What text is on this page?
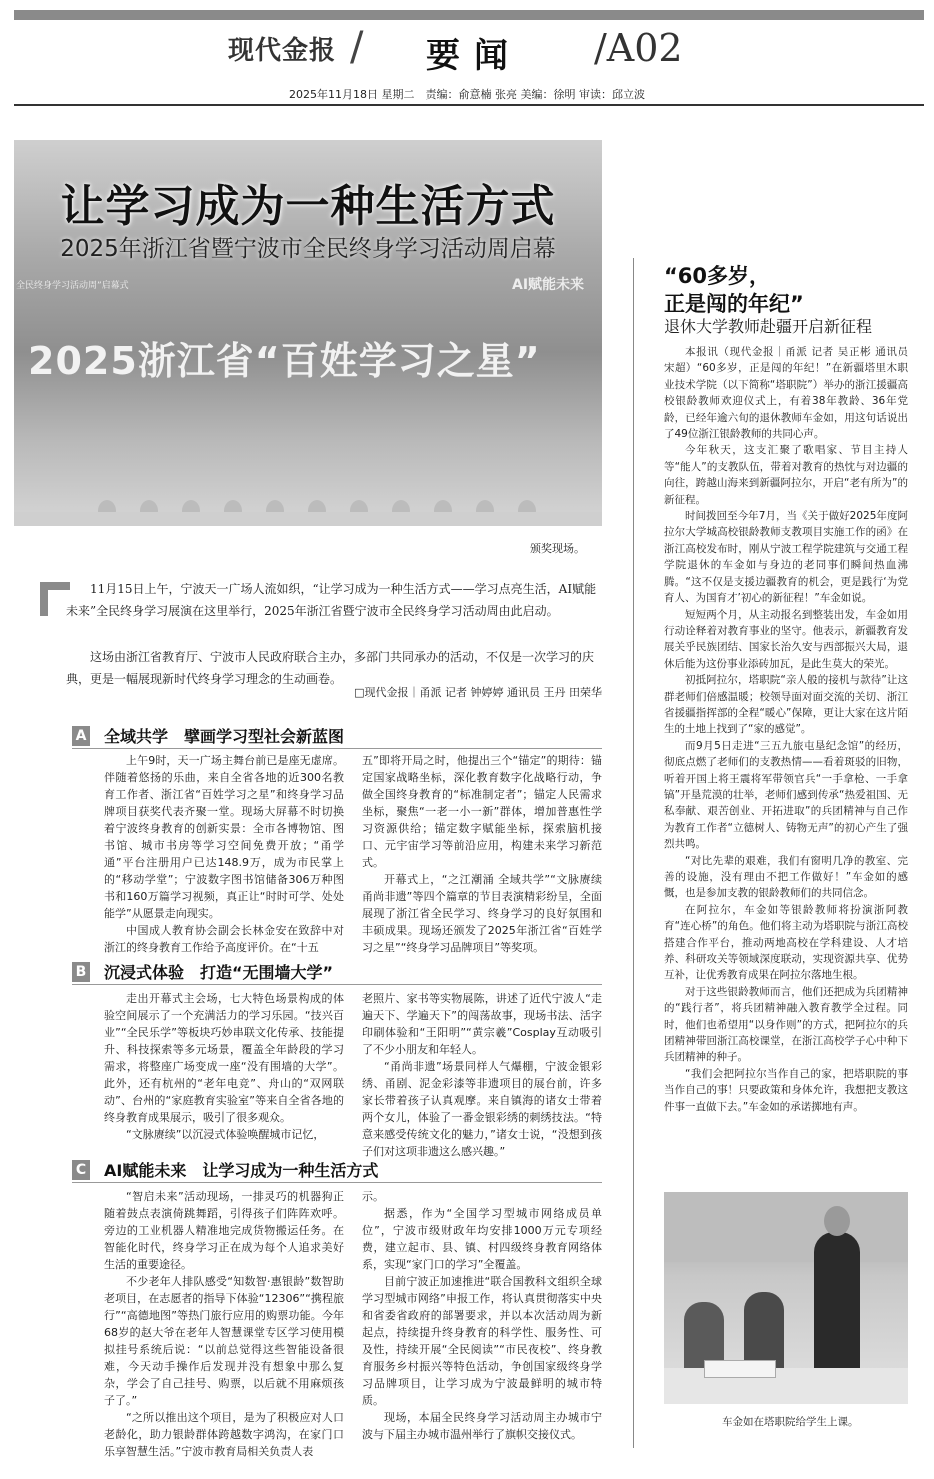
现代金报 / 要闻 /A02
2025年11月18日 星期二　责编：俞意楠 张亮 美编：徐明 审读：邱立波
全民终身学习活动周”启幕式	AI赋能未来
2025浙江省“百姓学习之星”
让学习成为一种生活方式
2025年浙江省暨宁波市全民终身学习活动周启幕
颁奖现场。

11月15日上午，宁波天一广场人流如织，“让学习成为一种生活方式——学习点亮生活，AI赋能未来”全民终身学习展演在这里举行，2025年浙江省暨宁波市全民终身学习活动周由此启动。

这场由浙江省教育厅、宁波市人民政府联合主办，多部门共同承办的活动，不仅是一次学习的庆典，更是一幅展现新时代终身学习理念的生动画卷。

□现代金报｜甬派 记者 钟婷婷 通讯员 王丹 田荣华
A 全域共学　擘画学习型社会新蓝图

上午9时，天一广场主舞台前已是座无虚席。伴随着悠扬的乐曲，来自全省各地的近300名教育工作者、浙江省“百姓学习之星”和终身学习品牌项目获奖代表齐聚一堂。现场大屏幕不时切换着宁波终身教育的创新实景：全市各博物馆、图书馆、城市书房等学习空间免费开放；“甬学通”平台注册用户已达148.9万，成为市民掌上的“移动学堂”；宁波数字图书馆储备306万种图书和160万篇学习视频，真正让“时时可学、处处能学”从愿景走向现实。

中国成人教育协会副会长林金安在致辞中对浙江的终身教育工作给予高度评价。在“十五

五”即将开局之时，他提出三个“锚定”的期待：锚定国家战略坐标，深化教育数字化战略行动，争做全国终身教育的“标准制定者”；锚定人民需求坐标，聚焦“一老一小一新”群体，增加普惠性学习资源供给；锚定数字赋能坐标，探索脑机接口、元宇宙学习等前沿应用，构建未来学习新范式。

开幕式上，“之江潮涌 全域共学”“文脉赓续 甬尚非遗”等四个篇章的节目表演精彩纷呈，全面展现了浙江省全民学习、终身学习的良好氛围和丰硕成果。现场还颁发了2025年浙江省“百姓学习之星”“终身学习品牌项目”等奖项。

B 沉浸式体验　打造“无围墙大学”

走出开幕式主会场，七大特色场景构成的体验空间展示了一个充满活力的学习乐园。“技兴百业”“全民乐学”等板块巧妙串联文化传承、技能提升、科技探索等多元场景，覆盖全年龄段的学习需求，将整座广场变成一座“没有围墙的大学”。此外，还有杭州的“老年电竞”、舟山的“双网联动”、台州的“家庭教育实验室”等来自全省各地的终身教育成果展示，吸引了很多观众。

“文脉赓续”以沉浸式体验唤醒城市记忆，

老照片、家书等实物展陈，讲述了近代宁波人“走遍天下、学遍天下”的闯荡故事，现场书法、活字印刷体验和“王阳明”“黄宗羲”Cosplay互动吸引了不少小朋友和年轻人。

“甬尚非遗”场景同样人气爆棚，宁波金银彩绣、甬剧、泥金彩漆等非遗项目的展台前，许多家长带着孩子认真观摩。来自镇海的诸女士带着两个女儿，体验了一番金银彩绣的刺绣技法。“特意来感受传统文化的魅力，”诸女士说，“没想到孩子们对这项非遗这么感兴趣。”

C AI赋能未来　让学习成为一种生活方式

“智启未来”活动现场，一排灵巧的机器狗正随着鼓点表演倚跳舞蹈，引得孩子们阵阵欢呼。旁边的工业机器人精准地完成货物搬运任务。在智能化时代，终身学习正在成为每个人追求美好生活的重要途径。

不少老年人排队感受“知数智·惠银龄”数智助老项目，在志愿者的指导下体验“12306”“携程旅行”“高德地图”等热门旅行应用的购票功能。今年68岁的赵大爷在老年人智慧课堂专区学习使用模拟挂号系统后说：“以前总觉得这些智能设备很难，今天动手操作后发现并没有想象中那么复杂，学会了自己挂号、购票，以后就不用麻烦孩子了。”

“之所以推出这个项目，是为了积极应对人口老龄化，助力银龄群体跨越数字鸿沟，在家门口乐享智慧生活。”宁波市教育局相关负责人表

示。

据悉，作为“全国学习型城市网络成员单位”，宁波市级财政年均安排1000万元专项经费，建立起市、县、镇、村四级终身教育网络体系，实现“家门口的学习”全覆盖。

目前宁波正加速推进“联合国教科文组织全球学习型城市网络”申报工作，将认真贯彻落实中央和省委省政府的部署要求，并以本次活动周为新起点，持续提升终身教育的科学性、服务性、可及性，持续开展“全民阅读”“市民夜校”、终身教育服务乡村振兴等特色活动，争创国家级终身学习品牌项目，让学习成为宁波最鲜明的城市特质。

现场，本届全民终身学习活动周主办城市宁波与下届主办城市温州举行了旗帜交接仪式。

“60多岁，
正是闯的年纪”
退休大学教师赴疆开启新征程

本报讯（现代金报｜甬派 记者 吴正彬 通讯员 宋超）“60多岁，正是闯的年纪！”在新疆塔里木职业技术学院（以下简称“塔职院”）举办的浙江援疆高校银龄教师欢迎仪式上，有着38年教龄、36年党龄，已经年逾六旬的退休教师车金如，用这句话说出了49位浙江银龄教师的共同心声。

今年秋天，这支汇聚了歌唱家、节目主持人等“能人”的支教队伍，带着对教育的热忱与对边疆的向往，跨越山海来到新疆阿拉尔，开启“老有所为”的新征程。

时间拨回至今年7月，当《关于做好2025年度阿拉尔大学城高校银龄教师支教项目实施工作的函》在浙江高校发布时，刚从宁波工程学院建筑与交通工程学院退休的车金如与身边的老同事们瞬间热血沸腾。“这不仅是支援边疆教育的机会，更是践行‘为党育人、为国育才’初心的新征程！”车金如说。

短短两个月，从主动报名到整装出发，车金如用行动诠释着对教育事业的坚守。他表示，新疆教育发展关乎民族团结、国家长治久安与西部振兴大局，退休后能为这份事业添砖加瓦，是此生莫大的荣光。

初抵阿拉尔，塔职院“亲人般的接机与款待”让这群老师们倍感温暖；校领导面对面交流的关切、浙江省援疆指挥部的全程“暖心”保障，更让大家在这片陌生的土地上找到了“家的感觉”。

而9月5日走进“三五九旅屯垦纪念馆”的经历，彻底点燃了老师们的支教热情——看着斑驳的旧物，听着开国上将王震将军带领官兵“一手拿枪、一手拿镐”开垦荒漠的壮举，老师们感到传承“热爱祖国、无私奉献、艰苦创业、开拓进取”的兵团精神与自己作为教育工作者“立德树人、铸物无声”的初心产生了强烈共鸣。

“对比先辈的艰难，我们有窗明几净的教室、完善的设施，没有理由不把工作做好！”车金如的感慨，也是参加支教的银龄教师们的共同信念。

在阿拉尔，车金如等银龄教师将扮演浙阿教育“连心桥”的角色。他们将主动为塔职院与浙江高校搭建合作平台，推动两地高校在学科建设、人才培养、科研攻关等领域深度联动，实现资源共享、优势互补，让优秀教育成果在阿拉尔落地生根。

对于这些银龄教师而言，他们还把成为兵团精神的“践行者”，将兵团精神融入教育教学全过程。同时，他们也希望用“以身作则”的方式，把阿拉尔的兵团精神带回浙江高校课堂，在浙江高校学子心中种下兵团精神的种子。

“我们会把阿拉尔当作自己的家，把塔职院的事当作自己的事！只要政策和身体允许，我想把支教这件事一直做下去。”车金如的承诺掷地有声。

车金如在塔职院给学生上课。
